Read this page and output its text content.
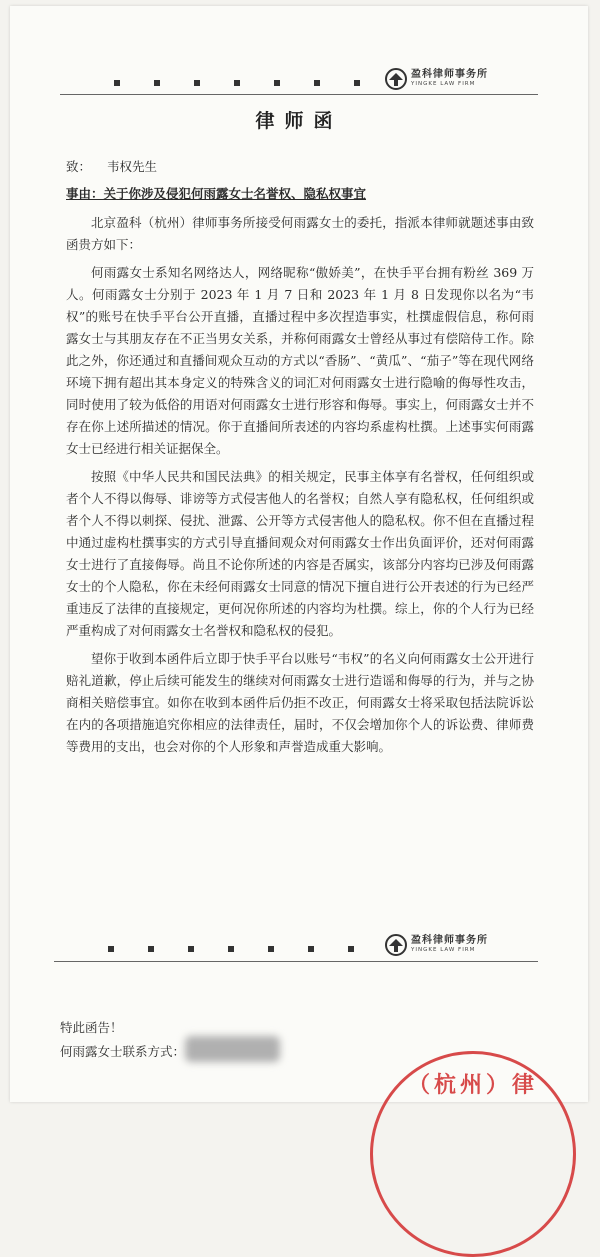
盈科律师事务所
YINGKE LAW FIRM
律师函
致： 韦权先生
事由：关于你涉及侵犯何雨露女士名誉权、隐私权事宜

北京盈科（杭州）律师事务所接受何雨露女士的委托，指派本律师就题述事由致函贵方如下：

何雨露女士系知名网络达人，网络昵称“傲娇美”，在快手平台拥有粉丝 369 万人。何雨露女士分别于 2023 年 1 月 7 日和 2023 年 1 月 8 日发现你以名为“韦权”的账号在快手平台公开直播，直播过程中多次捏造事实，杜撰虚假信息，称何雨露女士与其朋友存在不正当男女关系，并称何雨露女士曾经从事过有偿陪侍工作。除此之外，你还通过和直播间观众互动的方式以“香肠”、“黄瓜”、“茄子”等在现代网络环境下拥有超出其本身定义的特殊含义的词汇对何雨露女士进行隐喻的侮辱性攻击，同时使用了较为低俗的用语对何雨露女士进行形容和侮辱。事实上，何雨露女士并不存在你上述所描述的情况。你于直播间所表述的内容均系虚构杜撰。上述事实何雨露女士已经进行相关证据保全。

按照《中华人民共和国民法典》的相关规定，民事主体享有名誉权，任何组织或者个人不得以侮辱、诽谤等方式侵害他人的名誉权；自然人享有隐私权，任何组织或者个人不得以刺探、侵扰、泄露、公开等方式侵害他人的隐私权。你不但在直播过程中通过虚构杜撰事实的方式引导直播间观众对何雨露女士作出负面评价，还对何雨露女士进行了直接侮辱。尚且不论你所述的内容是否属实，该部分内容均已涉及何雨露女士的个人隐私，你在未经何雨露女士同意的情况下擅自进行公开表述的行为已经严重违反了法律的直接规定，更何况你所述的内容均为杜撰。综上，你的个人行为已经严重构成了对何雨露女士名誉权和隐私权的侵犯。

望你于收到本函件后立即于快手平台以账号“韦权”的名义向何雨露女士公开进行赔礼道歉，停止后续可能发生的继续对何雨露女士进行造谣和侮辱的行为，并与之协商相关赔偿事宜。如你在收到本函件后仍拒不改正，何雨露女士将采取包括法院诉讼在内的各项措施追究你相应的法律责任，届时，不仅会增加你个人的诉讼费、律师费等费用的支出，也会对你的个人形象和声誉造成重大影响。

盈科律师事务所
YINGKE LAW FIRM
特此函告！
何雨露女士联系方式：
（杭州）律
